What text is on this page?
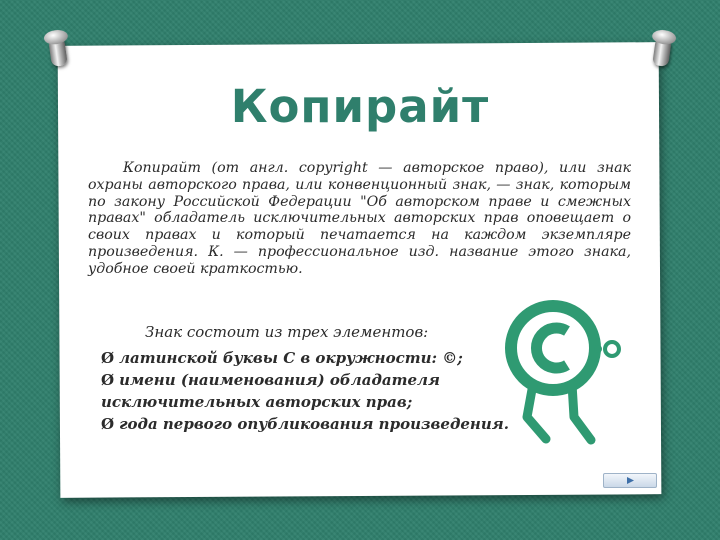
Копирайт
Копирайт (от англ. copyright — авторское право), или знак охраны авторского права, или конвенционный знак, — знак, которым по закону Российской Федерации "Об авторском праве и смежных правах" обладатель исключительных авторских прав оповещает о своих правах и который печатается на каждом экземпляре произведения. К. — профессиональное изд. название этого знака, удобное своей краткостью.
Знак состоит из трех элементов:
Ø латинской буквы С в окружности: ©;
Ø имени (наименования) обладателя
исключительных авторских прав;
Ø года первого опубликования произведения.
